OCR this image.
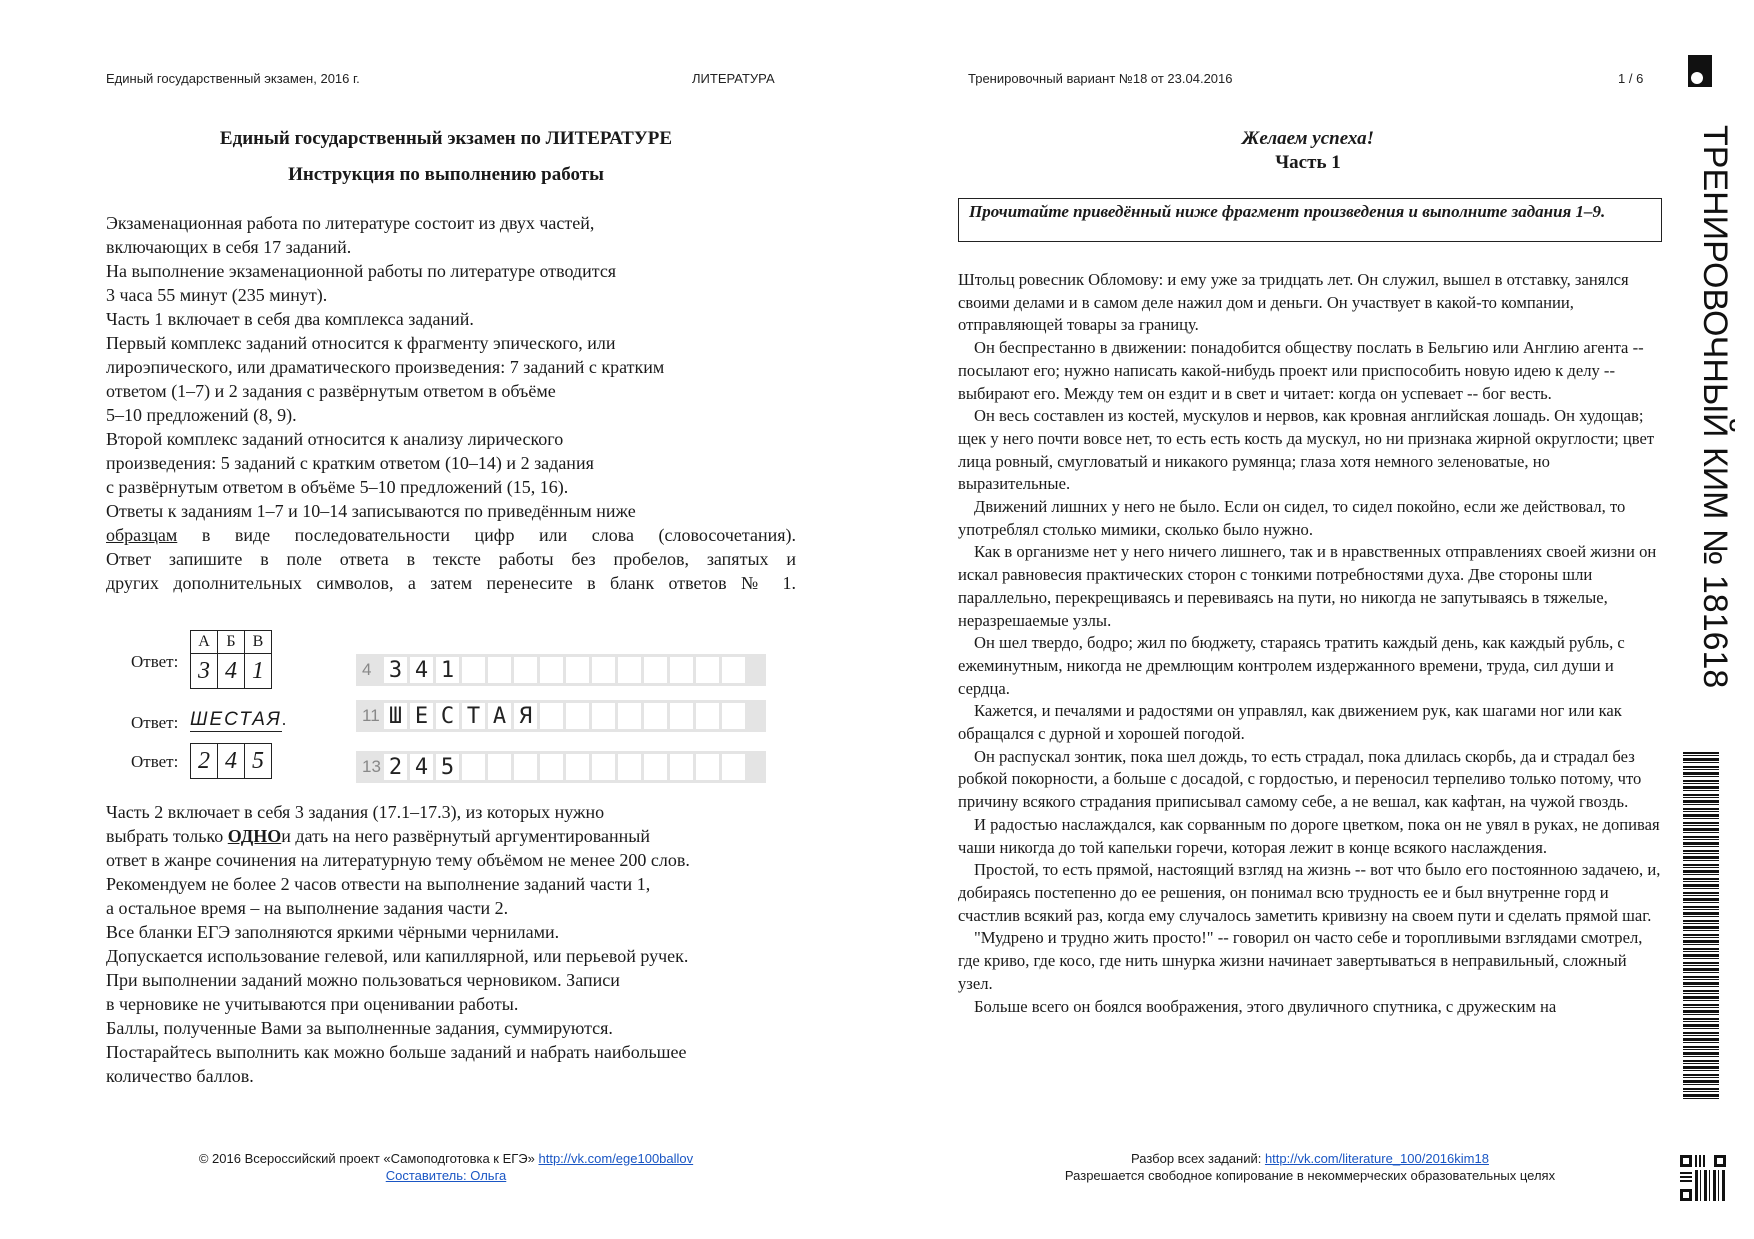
Единый государственный экзамен, 2016 г.	ЛИТЕРАТУРА	Тренировочный вариант №18 от 23.04.2016	1 / 6
Единый государственный экзамен по ЛИТЕРАТУРЕ
Инструкция по выполнению работы

Экзаменационная работа по литературе состоит из двух частей,

включающих в себя 17 заданий.

На выполнение экзаменационной работы по литературе отводится

3 часа 55 минут (235 минут).

Часть 1 включает в себя два комплекса заданий.

Первый комплекс заданий относится к фрагменту эпического, или

лироэпического, или драматического произведения: 7 заданий с кратким

ответом (1–7) и 2 задания с развёрнутым ответом в объёме

5–10 предложений (8, 9).

Второй комплекс заданий относится к анализу лирического

произведения: 5 заданий с кратким ответом (10–14) и 2 задания

с развёрнутым ответом в объёме 5–10 предложений (15, 16).

Ответы к заданиям 1–7 и 10–14 записываются по приведённым ниже

образцам в виде последовательности цифр или слова (словосочетания).

Ответ запишите в поле ответа в тексте работы без пробелов, запятых и

других дополнительных символов, а затем перенесите в бланк ответов № 1.

Ответ:
А	Б	В
3	4	1	4 3 4 1
Ответ: ШЕСТАЯ.	11 Ш Е С Т А Я
Ответ: 2	4	5	13 2 4 5

Часть 2 включает в себя 3 задания (17.1–17.3), из которых нужно

выбрать только ОДНОи дать на него развёрнутый аргументированный

ответ в жанре сочинения на литературную тему объёмом не менее 200 слов.

Рекомендуем не более 2 часов отвести на выполнение заданий части 1,

а остальное время – на выполнение задания части 2.

Все бланки ЕГЭ заполняются яркими чёрными чернилами.

Допускается использование гелевой, или капиллярной, или перьевой ручек.

При выполнении заданий можно пользоваться черновиком. Записи

в черновике не учитываются при оценивании работы.

Баллы, полученные Вами за выполненные задания, суммируются.

Постарайтесь выполнить как можно больше заданий и набрать наибольшее

количество баллов.

© 2016 Всероссийский проект «Самоподготовка к ЕГЭ» http://vk.com/ege100ballov
Составитель: Ольга
Желаем успеха!
Часть 1
Прочитайте приведённый ниже фрагмент произведения и выполните задания 1–9.

Штольц ровесник Обломову: и ему уже за тридцать лет. Он служил, вышел в отставку, занялся своими делами и в самом деле нажил дом и деньги. Он участвует в какой-то компании, отправляющей товары за границу.

Он беспрестанно в движении: понадобится обществу послать в Бельгию или Англию агента -- посылают его; нужно написать какой-нибудь проект или приспособить новую идею к делу -- выбирают его. Между тем он ездит и в свет и читает: когда он успевает -- бог весть.

Он весь составлен из костей, мускулов и нервов, как кровная английская лошадь. Он худощав; щек у него почти вовсе нет, то есть есть кость да мускул, но ни признака жирной округлости; цвет лица ровный, смугловатый и никакого румянца; глаза хотя немного зеленоватые, но выразительные.

Движений лишних у него не было. Если он сидел, то сидел покойно, если же действовал, то употреблял столько мимики, сколько было нужно.

Как в организме нет у него ничего лишнего, так и в нравственных отправлениях своей жизни он искал равновесия практических сторон с тонкими потребностями духа. Две стороны шли параллельно, перекрещиваясь и перевиваясь на пути, но никогда не запутываясь в тяжелые, неразрешаемые узлы.

Он шел твердо, бодро; жил по бюджету, стараясь тратить каждый день, как каждый рубль, с ежеминутным, никогда не дремлющим контролем издержанного времени, труда, сил души и сердца.

Кажется, и печалями и радостями он управлял, как движением рук, как шагами ног или как обращался с дурной и хорошей погодой.

Он распускал зонтик, пока шел дождь, то есть страдал, пока длилась скорбь, да и страдал без робкой покорности, а больше с досадой, с гордостью, и переносил терпеливо только потому, что причину всякого страдания приписывал самому себе, а не вешал, как кафтан, на чужой гвоздь.

И радостью наслаждался, как сорванным по дороге цветком, пока он не увял в руках, не допивая чаши никогда до той капельки горечи, которая лежит в конце всякого наслаждения.

Простой, то есть прямой, настоящий взгляд на жизнь -- вот что было его постоянною задачею, и, добираясь постепенно до ее решения, он понимал всю трудность ее и был внутренне горд и счастлив всякий раз, когда ему случалось заметить кривизну на своем пути и сделать прямой шаг.

"Мудрено и трудно жить просто!" -- говорил он часто себе и торопливыми взглядами смотрел, где криво, где косо, где нить шнурка жизни начинает завертываться в неправильный, сложный узел.

Больше всего он боялся воображения, этого двуличного спутника, с дружеским на

Разбор всех заданий: http://vk.com/literature_100/2016kim18
Разрешается свободное копирование в некоммерческих образовательных целях
ТРЕНИРОВОЧНЫЙ КИМ № 181618
